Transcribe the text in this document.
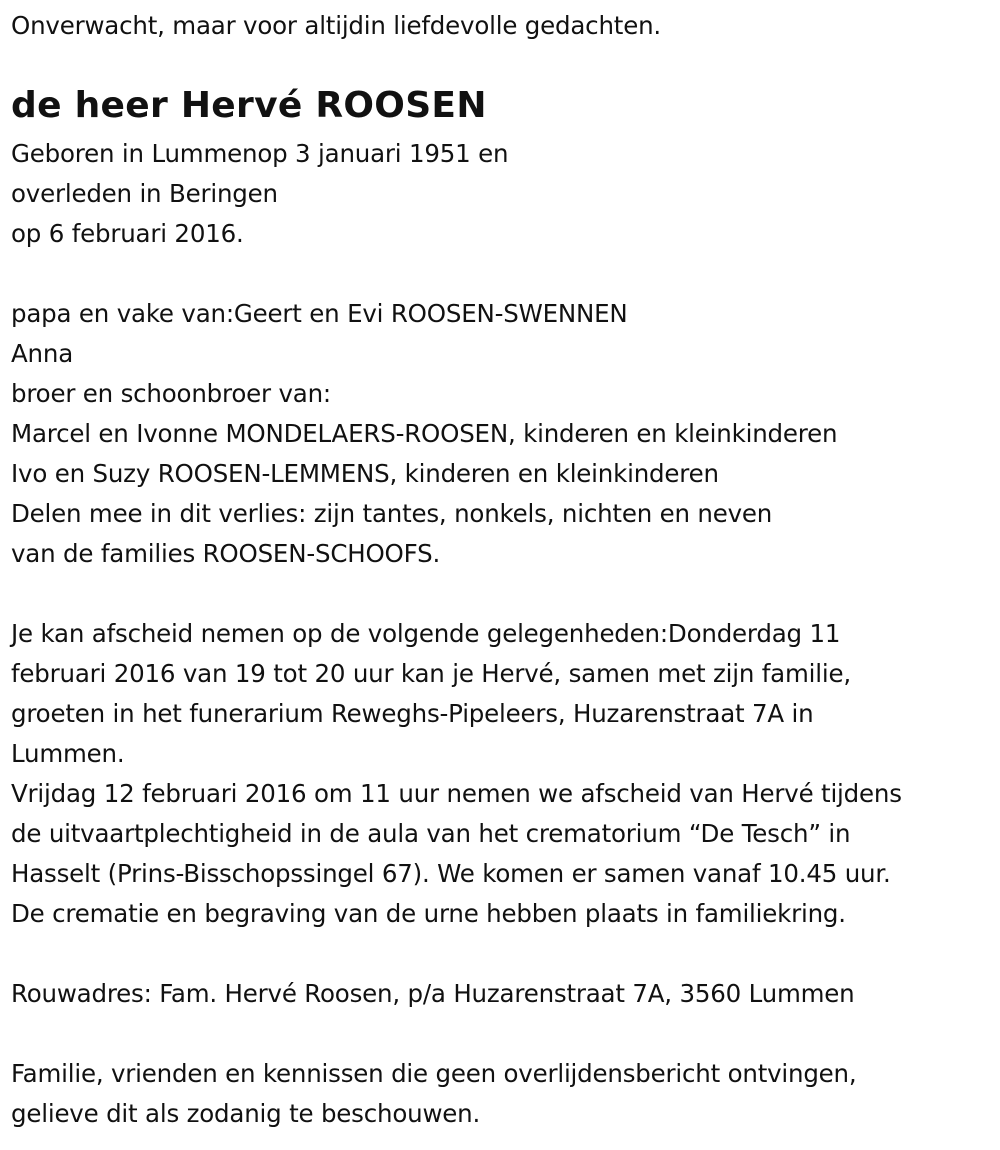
Onverwacht, maar voor altijdin liefdevolle gedachten.
de heer Hervé ROOSEN
Geboren in Lummenop 3 januari 1951 en
overleden in Beringen
op 6 februari 2016.
papa en vake van:Geert en Evi ROOSEN-SWENNEN
Anna
broer en schoonbroer van:
Marcel en Ivonne MONDELAERS-ROOSEN, kinderen en kleinkinderen
Ivo en Suzy ROOSEN-LEMMENS, kinderen en kleinkinderen
Delen mee in dit verlies: zijn tantes, nonkels, nichten en neven
van de families ROOSEN-SCHOOFS.
Je kan afscheid nemen op de volgende gelegenheden:Donderdag 11
februari 2016 van 19 tot 20 uur kan je Hervé, samen met zijn familie,
groeten in het funerarium Reweghs-Pipeleers, Huzarenstraat 7A in
Lummen.
Vrijdag 12 februari 2016 om 11 uur nemen we afscheid van Hervé tijdens
de uitvaartplechtigheid in de aula van het crematorium “De Tesch” in
Hasselt (Prins-Bisschopssingel 67). We komen er samen vanaf 10.45 uur.
De crematie en begraving van de urne hebben plaats in familiekring.
Rouwadres: Fam. Hervé Roosen, p/a Huzarenstraat 7A, 3560 Lummen
Familie, vrienden en kennissen die geen overlijdensbericht ontvingen,
gelieve dit als zodanig te beschouwen.
